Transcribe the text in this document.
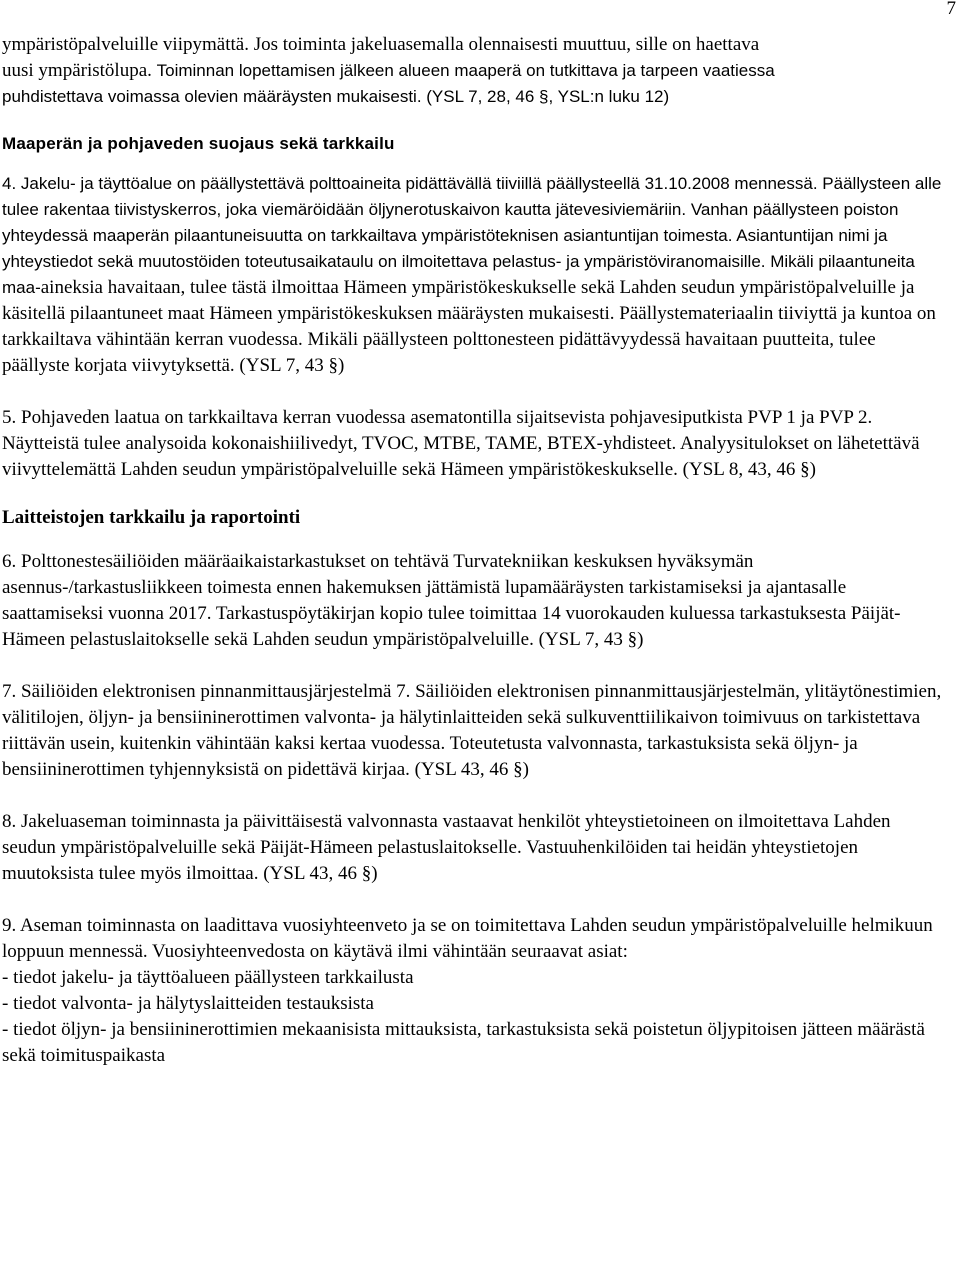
7

ympäristöpalveluille viipymättä. Jos toiminta jakeluasemalla olennaisesti muuttuu, sille on haettava
uusi ympäristölupa. Toiminnan lopettamisen jälkeen alueen maaperä on tutkittava ja tarpeen vaatiessa
puhdistettava voimassa olevien määräysten mukaisesti. (YSL 7, 28, 46 §, YSL:n luku 12)

Maaperän ja pohjaveden suojaus sekä tarkkailu

4. Jakelu- ja täyttöalue on päällystettävä polttoaineita pidättävällä tiiviillä päällysteellä 31.10.2008 mennessä. Päällysteen alle tulee rakentaa tiivistyskerros, joka viemäröidään öljynerotuskaivon kautta jätevesiviemäriin. Vanhan päällysteen poiston yhteydessä maaperän pilaantuneisuutta on tarkkailtava ympäristöteknisen asiantuntijan toimesta. Asiantuntijan nimi ja yhteystiedot sekä muutostöiden toteutusaikataulu on ilmoitettava pelastus- ja ympäristöviranomaisille. Mikäli pilaantuneita maa-aineksia havaitaan, tulee tästä ilmoittaa Hämeen ympäristökeskukselle sekä Lahden seudun ympäristöpalveluille ja käsitellä pilaantuneet maat Hämeen ympäristökeskuksen määräysten mukaisesti. Päällystemateriaalin tiiviyttä ja kuntoa on tarkkailtava vähintään kerran vuodessa. Mikäli päällysteen polttonesteen pidättävyydessä havaitaan puutteita, tulee päällyste korjata viivytyksettä. (YSL 7, 43 §)

5. Pohjaveden laatua on tarkkailtava kerran vuodessa asematontilla sijaitsevista pohjavesiputkista PVP 1 ja PVP 2. Näytteistä tulee analysoida kokonaishiilivedyt, TVOC, MTBE, TAME, BTEX-yhdisteet. Analyysitulokset on lähetettävä viivyttelemättä Lahden seudun ympäristöpalveluille sekä Hämeen ympäristökeskukselle. (YSL 8, 43, 46 §)

Laitteistojen tarkkailu ja raportointi

6. Polttonestesäiliöiden määräaikaistarkastukset on tehtävä Turvatekniikan keskuksen hyväksymän asennus-/tarkastusliikkeen toimesta ennen hakemuksen jättämistä lupamääräysten tarkistamiseksi ja ajantasalle saattamiseksi vuonna 2017. Tarkastuspöytäkirjan kopio tulee toimittaa 14 vuorokauden kuluessa tarkastuksesta Päijät-Hämeen pelastuslaitokselle sekä Lahden seudun ympäristöpalveluille. (YSL 7, 43 §)

7. Säiliöiden elektronisen pinnanmittausjärjestelmä 7. Säiliöiden elektronisen pinnanmittausjärjestelmän, ylitäytönestimien, välitilojen, öljyn- ja bensiininerottimen valvonta- ja hälytinlaitteiden sekä sulkuventtiilikaivon toimivuus on tarkistettava riittävän usein, kuitenkin vähintään kaksi kertaa vuodessa. Toteutetusta valvonnasta, tarkastuksista sekä öljyn- ja bensiininerottimen tyhjennyksistä on pidettävä kirjaa. (YSL 43, 46 §)

8. Jakeluaseman toiminnasta ja päivittäisestä valvonnasta vastaavat henkilöt yhteystietoineen on ilmoitettava Lahden seudun ympäristöpalveluille sekä Päijät-Hämeen pelastuslaitokselle. Vastuuhenkilöiden tai heidän yhteystietojen muutoksista tulee myös ilmoittaa. (YSL 43, 46 §)

9. Aseman toiminnasta on laadittava vuosiyhteenveto ja se on toimitettava Lahden seudun ympäristöpalveluille helmikuun loppuun mennessä. Vuosiyhteenvedosta on käytävä ilmi vähintään seuraavat asiat:

- tiedot jakelu- ja täyttöalueen päällysteen tarkkailusta
- tiedot valvonta- ja hälytyslaitteiden testauksista
- tiedot öljyn- ja bensiininerottimien mekaanisista mittauksista, tarkastuksista sekä poistetun öljypitoisen jätteen määrästä sekä toimituspaikasta
